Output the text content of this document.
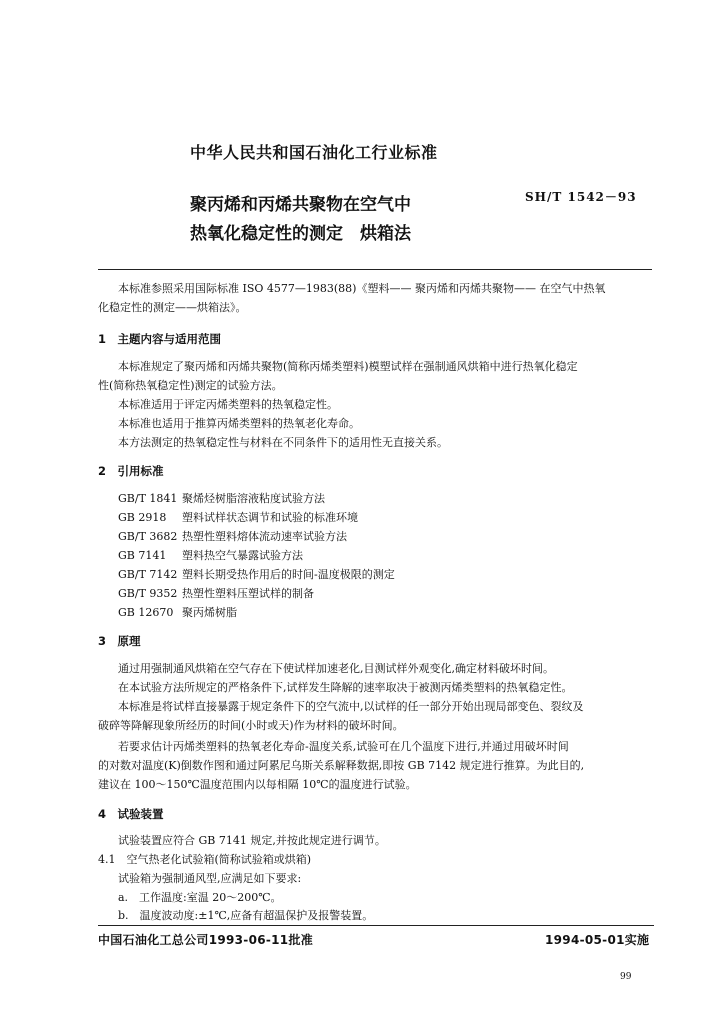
中华人民共和国石油化工行业标准
聚丙烯和丙烯共聚物在空气中
热氧化稳定性的测定　烘箱法
SH/T 1542－93
本标准参照采用国际标准 ISO 4577—1983(88)《塑料—— 聚丙烯和丙烯共聚物—— 在空气中热氧
化稳定性的测定——烘箱法》。
1　主题内容与适用范围
本标准规定了聚丙烯和丙烯共聚物(简称丙烯类塑料)模塑试样在强制通风烘箱中进行热氧化稳定
性(简称热氧稳定性)测定的试验方法。
本标准适用于评定丙烯类塑料的热氧稳定性。
本标准也适用于推算丙烯类塑料的热氧老化寿命。
本方法测定的热氧稳定性与材料在不同条件下的适用性无直接关系。
2　引用标准
GB/T 1841 聚烯烃树脂溶液粘度试验方法
GB 2918 塑料试样状态调节和试验的标准环境
GB/T 3682 热塑性塑料熔体流动速率试验方法
GB 7141 塑料热空气暴露试验方法
GB/T 7142 塑料长期受热作用后的时间-温度极限的测定
GB/T 9352 热塑性塑料压塑试样的制备
GB 12670 聚丙烯树脂
3　原理
通过用强制通风烘箱在空气存在下使试样加速老化,目测试样外观变化,确定材料破坏时间。
在本试验方法所规定的严格条件下,试样发生降解的速率取决于被测丙烯类塑料的热氧稳定性。
本标准是将试样直接暴露于规定条件下的空气流中,以试样的任一部分开始出现局部变色、裂纹及
破碎等降解现象所经历的时间(小时或天)作为材料的破坏时间。
若要求估计丙烯类塑料的热氧老化寿命-温度关系,试验可在几个温度下进行,并通过用破坏时间
的对数对温度(K)倒数作图和通过阿累尼乌斯关系解释数据,即按 GB 7142 规定进行推算。为此目的,
建议在 100～150℃温度范围内以每相隔 10℃的温度进行试验。
4　试验装置
试验装置应符合 GB 7141 规定,并按此规定进行调节。
4.1　空气热老化试验箱(简称试验箱或烘箱)
试验箱为强制通风型,应满足如下要求:
a.　工作温度:室温 20～200℃。
b.　温度波动度:±1℃,应备有超温保护及报警装置。
中国石油化工总公司1993-06-11批准	1994-05-01实施
99
